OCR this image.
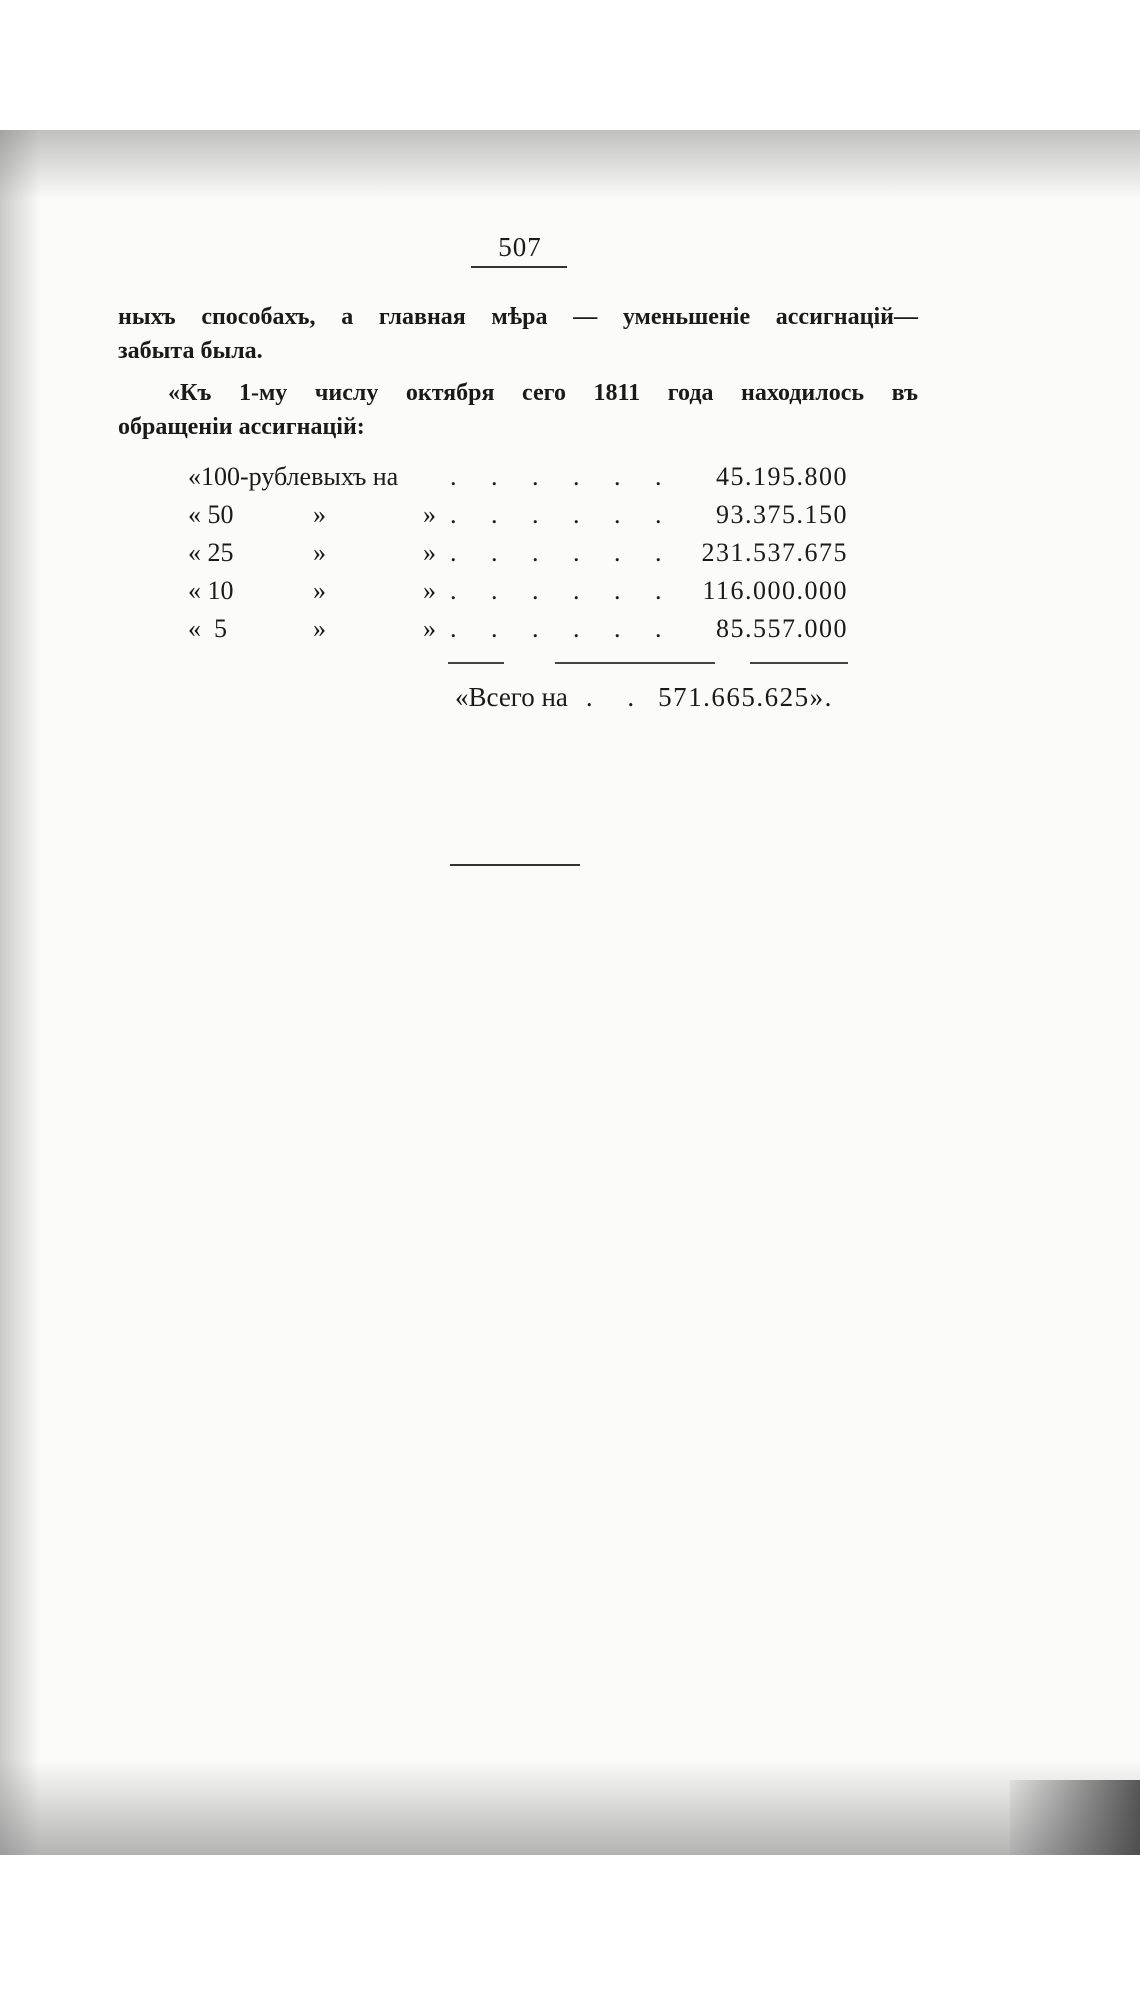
507
ныхъ способахъ, а главная мѣра — уменьшеніе ассигнацій—
забыта была.
«Къ 1-му числу октября сего 1811 года находилось въ
обращеніи ассигнацій:
«100-рублевыхъ на . . . . . . 45.195.800
« 50	»	» . . . . . . 93.375.150
« 25	»	» . . . . . . 231.537.675
« 10	»	» . . . . . . 116.000.000
«  5	»	» . . . . . . 85.557.000
«Всего на . . 571.665.625».
